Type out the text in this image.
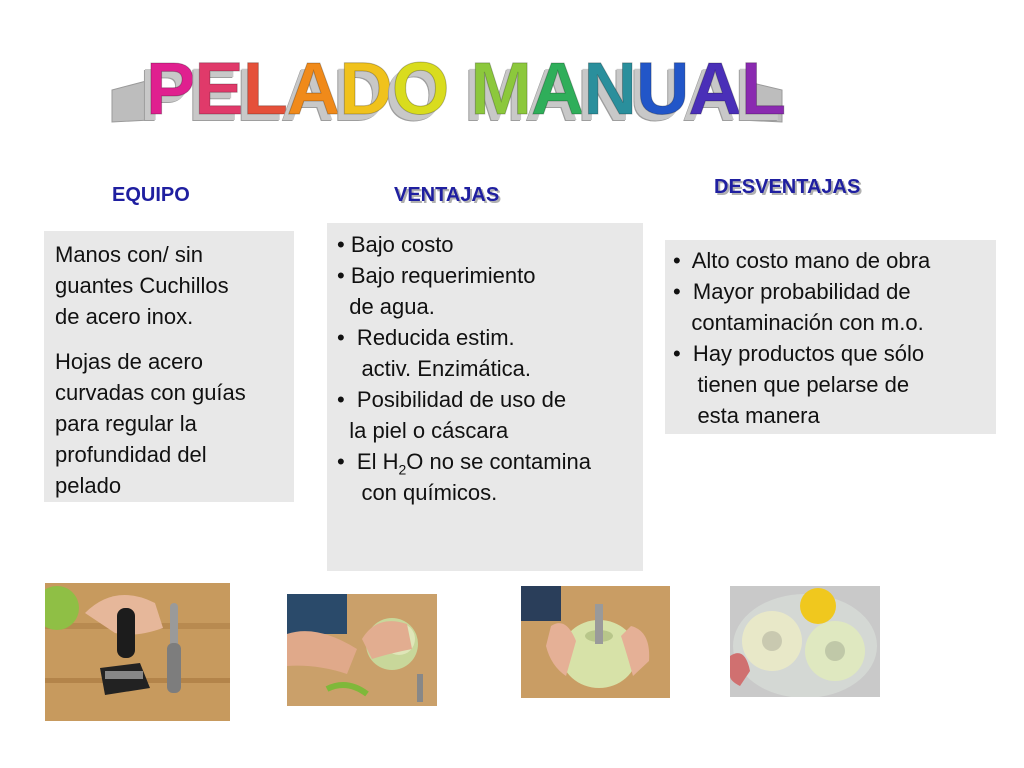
PELADO MANUAL
EQUIPO	VENTAJAS	DESVENTAJAS

Manos con/ sin
guantes Cuchillos
de acero inox.

Hojas de acero
curvadas con guías
para regular la
profundidad del
pelado

• Bajo costo
• Bajo requerimiento
de agua.
•  Reducida estim.
activ. Enzimática.
•  Posibilidad de uso de
la piel o cáscara
•  El $H_2O$ no se contamina
con químicos.
•  Alto costo mano de obra
•  Mayor probabilidad de
contaminación con m.o.
•  Hay productos que sólo
tienen que pelarse de
esta manera
